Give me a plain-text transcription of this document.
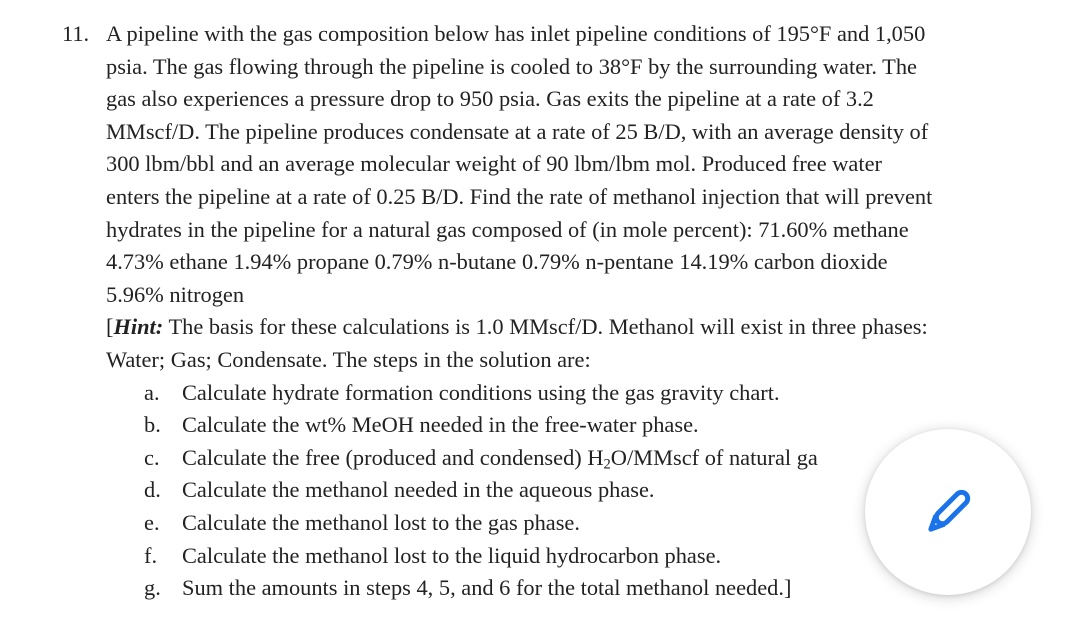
11. A pipeline with the gas composition below has inlet pipeline conditions of 195°F and 1,050
psia. The gas flowing through the pipeline is cooled to 38°F by the surrounding water. The
gas also experiences a pressure drop to 950 psia. Gas exits the pipeline at a rate of 3.2
MMscf/D. The pipeline produces condensate at a rate of 25 B/D, with an average density of
300 lbm/bbl and an average molecular weight of 90 lbm/lbm mol. Produced free water
enters the pipeline at a rate of 0.25 B/D. Find the rate of methanol injection that will prevent
hydrates in the pipeline for a natural gas composed of (in mole percent): 71.60% methane
4.73% ethane 1.94% propane 0.79% n-butane 0.79% n-pentane 14.19% carbon dioxide
5.96% nitrogen
[Hint: The basis for these calculations is 1.0 MMscf/D. Methanol will exist in three phases:
Water; Gas; Condensate. The steps in the solution are:
a. Calculate hydrate formation conditions using the gas gravity chart.
b. Calculate the wt% MeOH needed in the free-water phase.
c. Calculate the free (produced and condensed) $H_2O$/MMscf of natural ga
d. Calculate the methanol needed in the aqueous phase.
e. Calculate the methanol lost to the gas phase.
f. Calculate the methanol lost to the liquid hydrocarbon phase.
g. Sum the amounts in steps 4, 5, and 6 for the total methanol needed.]
